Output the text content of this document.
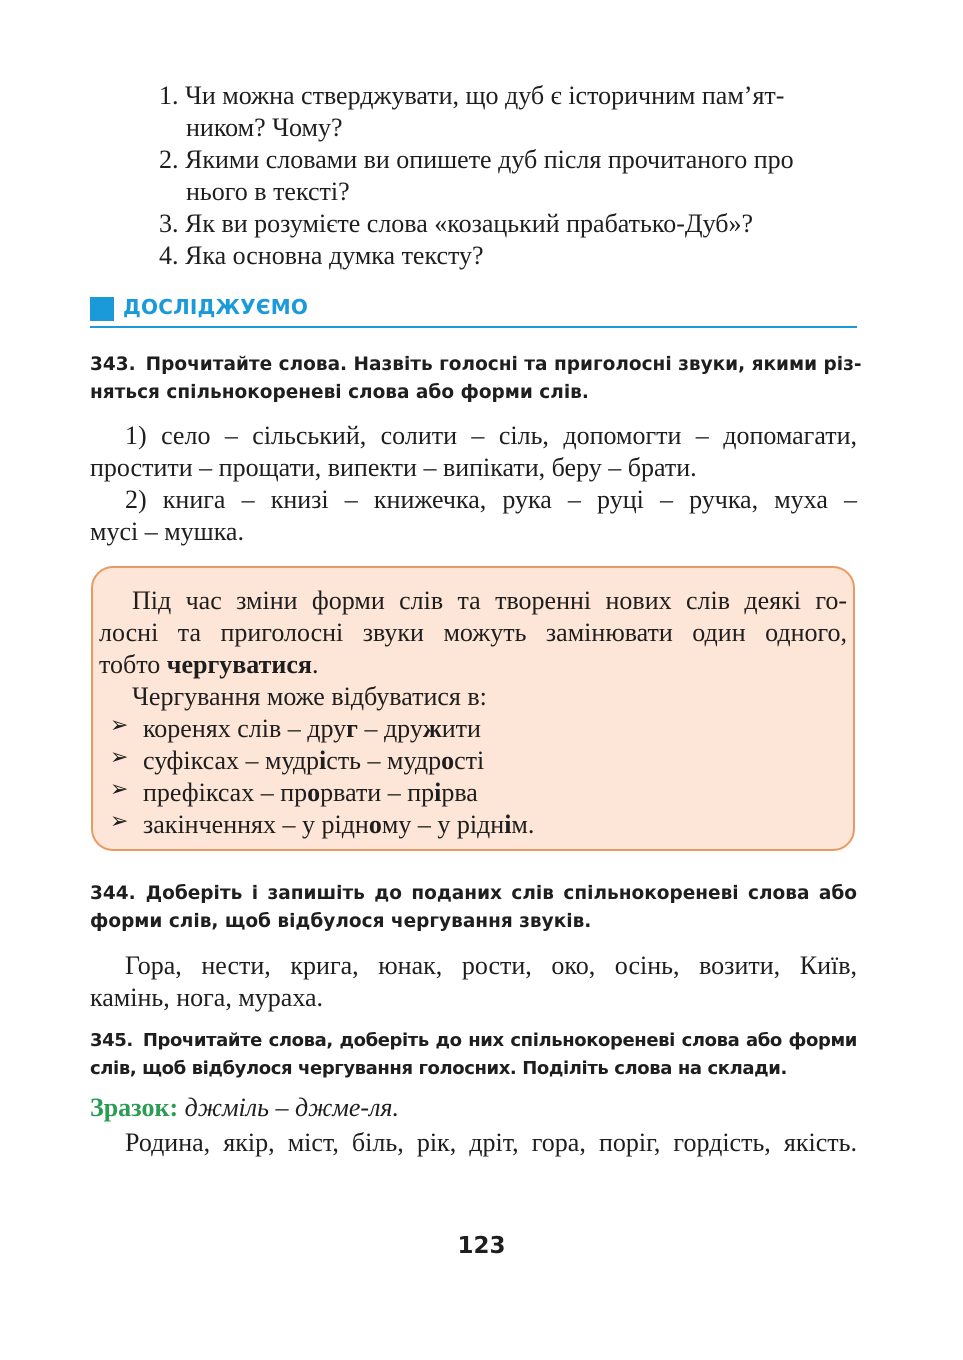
1. Чи можна стверджувати, що дуб є історичним пам’ят-
ником? Чому?
2. Якими словами ви опишете дуб після прочитаного про
нього в тексті?
3. Як ви розумієте слова «козацький прабатько-Дуб»?
4. Яка основна думка тексту?
ДОСЛІДЖУЄМО
343. Прочитайте слова. Назвіть голосні та приголосні звуки, якими різ-
няться спільнокореневі слова або форми слів.
1) село – сільський, солити – сіль, допомогти – допомагати,
простити – прощати, випекти – випікати, беру – брати.
2) книга – книзі – книжечка, рука – руці – ручка, муха –
мусі – мушка.
Під час зміни форми слів та творенні нових слів деякі го-
лосні та приголосні звуки можуть замінювати один одного,
тобто чергуватися.
Чергування може відбуватися в:
➢ коренях слів – друг – дружити
➢ суфіксах – мудрість – мудрості
➢ префіксах – прорвати – прірва
➢ закінченнях – у рідному – у ріднім.
344. Доберіть і запишіть до поданих слів спільнокореневі слова або
форми слів, щоб відбулося чергування звуків.
Гора, нести, крига, юнак, рости, око, осінь, возити, Київ,
камінь, нога, мураха.
345. Прочитайте слова, доберіть до них спільнокореневі слова або форми
слів, щоб відбулося чергування голосних. Поділіть слова на склади.
Зразок: джміль – джме-ля.
Родина, якір, міст, біль, рік, дріт, гора, поріг, гордість, якість.
123
